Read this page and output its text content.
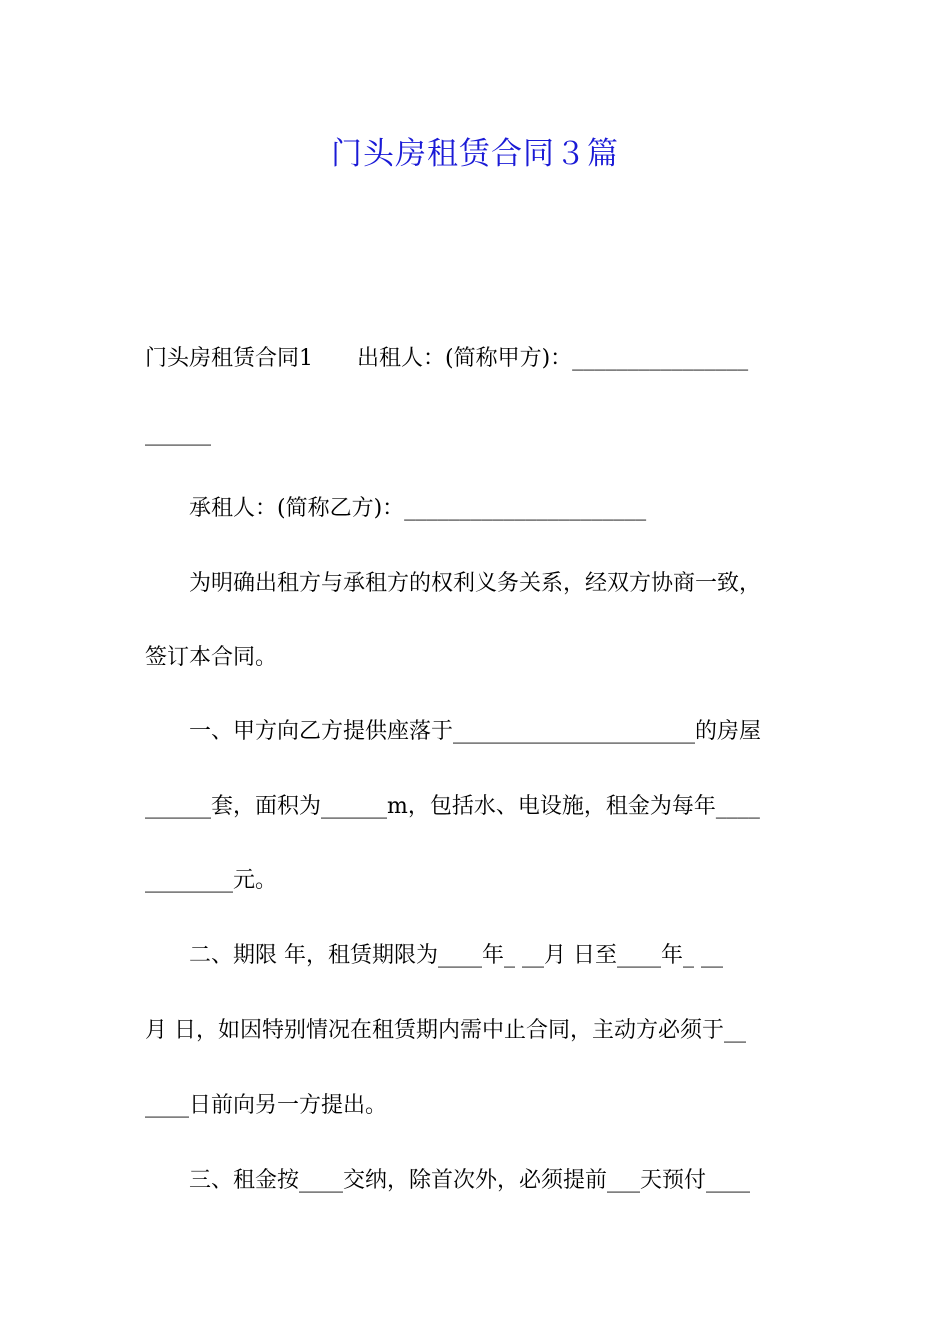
门头房租赁合同３篇
门头房租赁合同1　　出租人：(简称甲方)：________________
______
　　承租人：(简称乙方)：______________________
　　为明确出租方与承租方的权利义务关系，经双方协商一致，
签订本合同。
　　一、甲方向乙方提供座落于______________________的房屋
______套，面积为______m，包括水、电设施，租金为每年____
________元。
　　二、期限 年，租赁期限为____年_ __月 日至____年_ __
月 日，如因特别情况在租赁期内需中止合同，主动方必须于__
____日前向另一方提出。
　　三、租金按____交纳，除首次外，必须提前___天预付____
